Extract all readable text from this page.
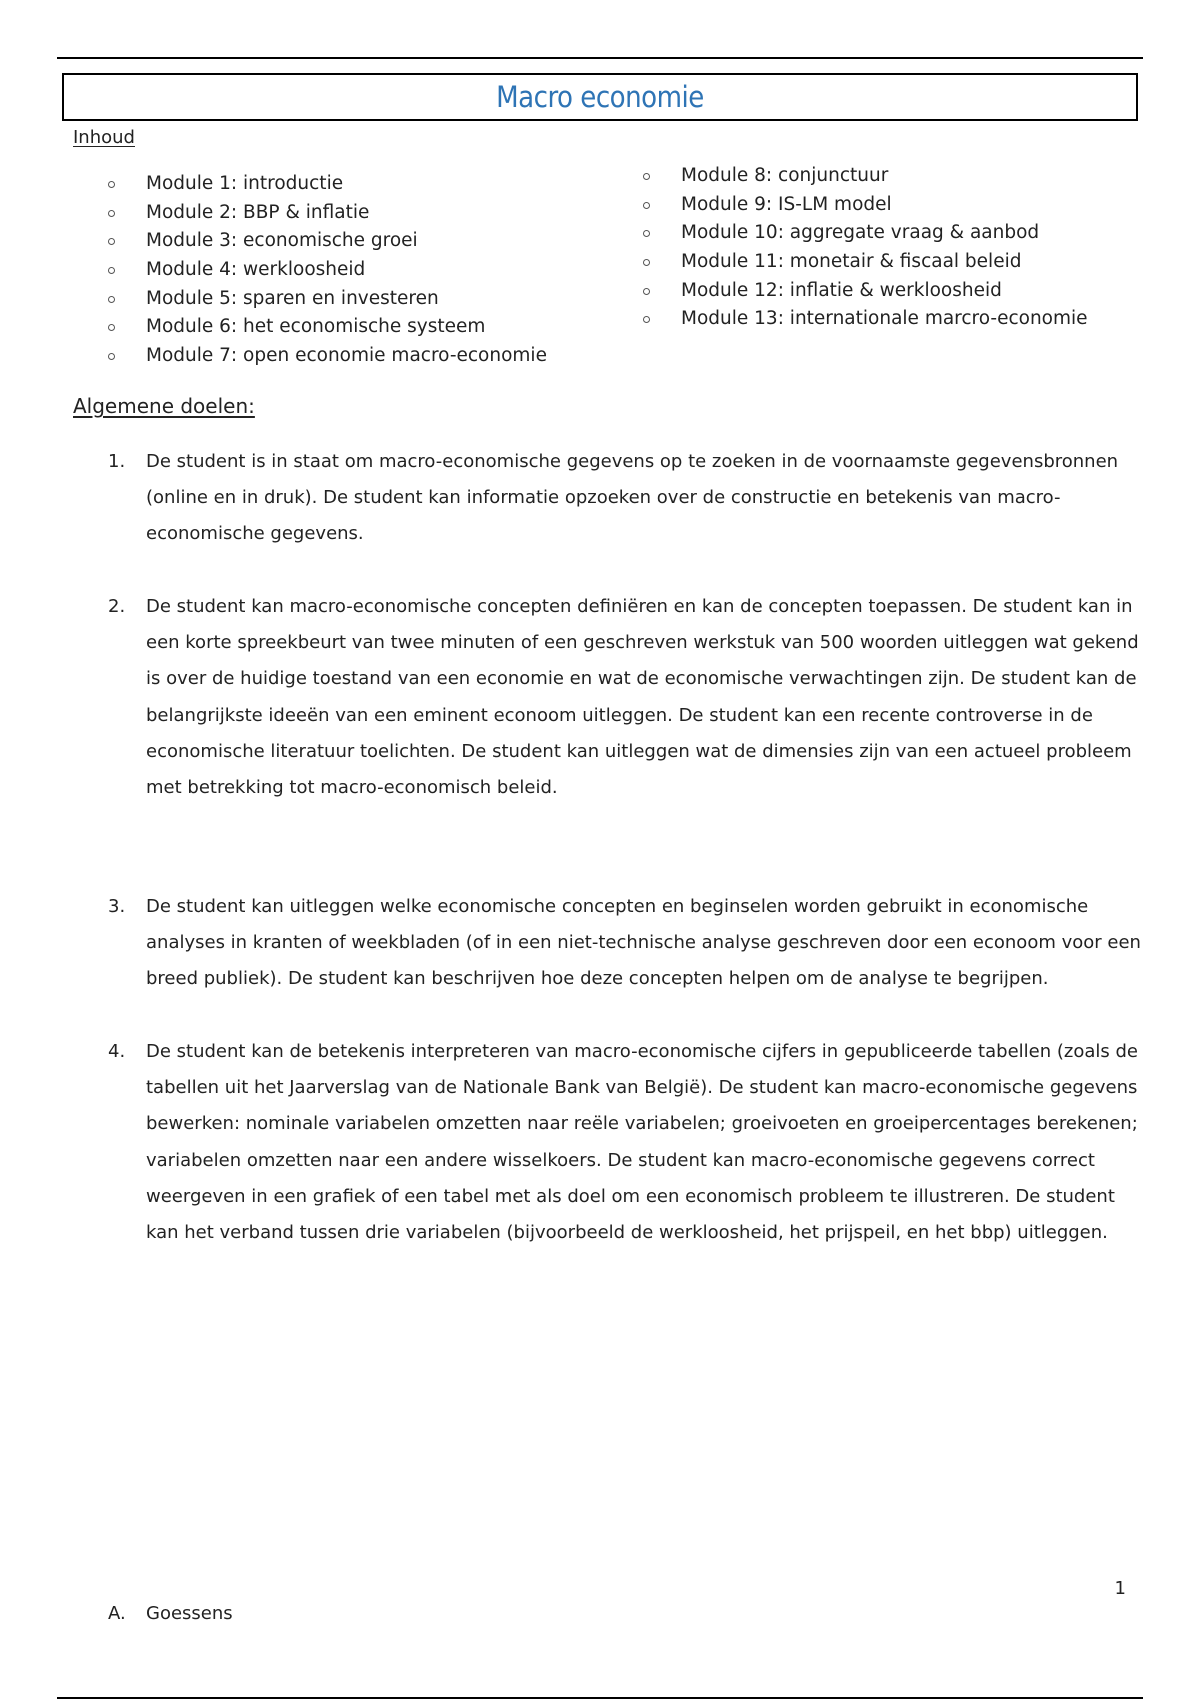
Macro economie
Inhoud
Module 1: introductie
Module 2: BBP & inflatie
Module 3: economische groei
Module 4: werkloosheid
Module 5: sparen en investeren
Module 6: het economische systeem
Module 7: open economie macro-economie
Module 8: conjunctuur
Module 9: IS-LM model
Module 10: aggregate vraag & aanbod
Module 11: monetair & fiscaal beleid
Module 12: inflatie & werkloosheid
Module 13: internationale marcro-economie
Algemene doelen:
1. De student is in staat om macro-economische gegevens op te zoeken in de voornaamste gegevensbronnen (online en in druk). De student kan informatie opzoeken over de constructie en betekenis van macro-economische gegevens.
2. De student kan macro-economische concepten definiëren en kan de concepten toepassen. De student kan in een korte spreekbeurt van twee minuten of een geschreven werkstuk van 500 woorden uitleggen wat gekend is over de huidige toestand van een economie en wat de economische verwachtingen zijn. De student kan de belangrijkste ideeën van een eminent econoom uitleggen. De student kan een recente controverse in de economische literatuur toelichten. De student kan uitleggen wat de dimensies zijn van een actueel probleem met betrekking tot macro-economisch beleid.
3. De student kan uitleggen welke economische concepten en beginselen worden gebruikt in economische analyses in kranten of weekbladen (of in een niet-technische analyse geschreven door een econoom voor een breed publiek). De student kan beschrijven hoe deze concepten helpen om de analyse te begrijpen.
4. De student kan de betekenis interpreteren van macro-economische cijfers in gepubliceerde tabellen (zoals de tabellen uit het Jaarverslag van de Nationale Bank van België). De student kan macro-economische gegevens bewerken: nominale variabelen omzetten naar reële variabelen; groeivoeten en groeipercentages berekenen; variabelen omzetten naar een andere wisselkoers. De student kan macro-economische gegevens correct weergeven in een grafiek of een tabel met als doel om een economisch probleem te illustreren. De student kan het verband tussen drie variabelen (bijvoorbeeld de werkloosheid, het prijspeil, en het bbp) uitleggen.
1
A. Goessens
